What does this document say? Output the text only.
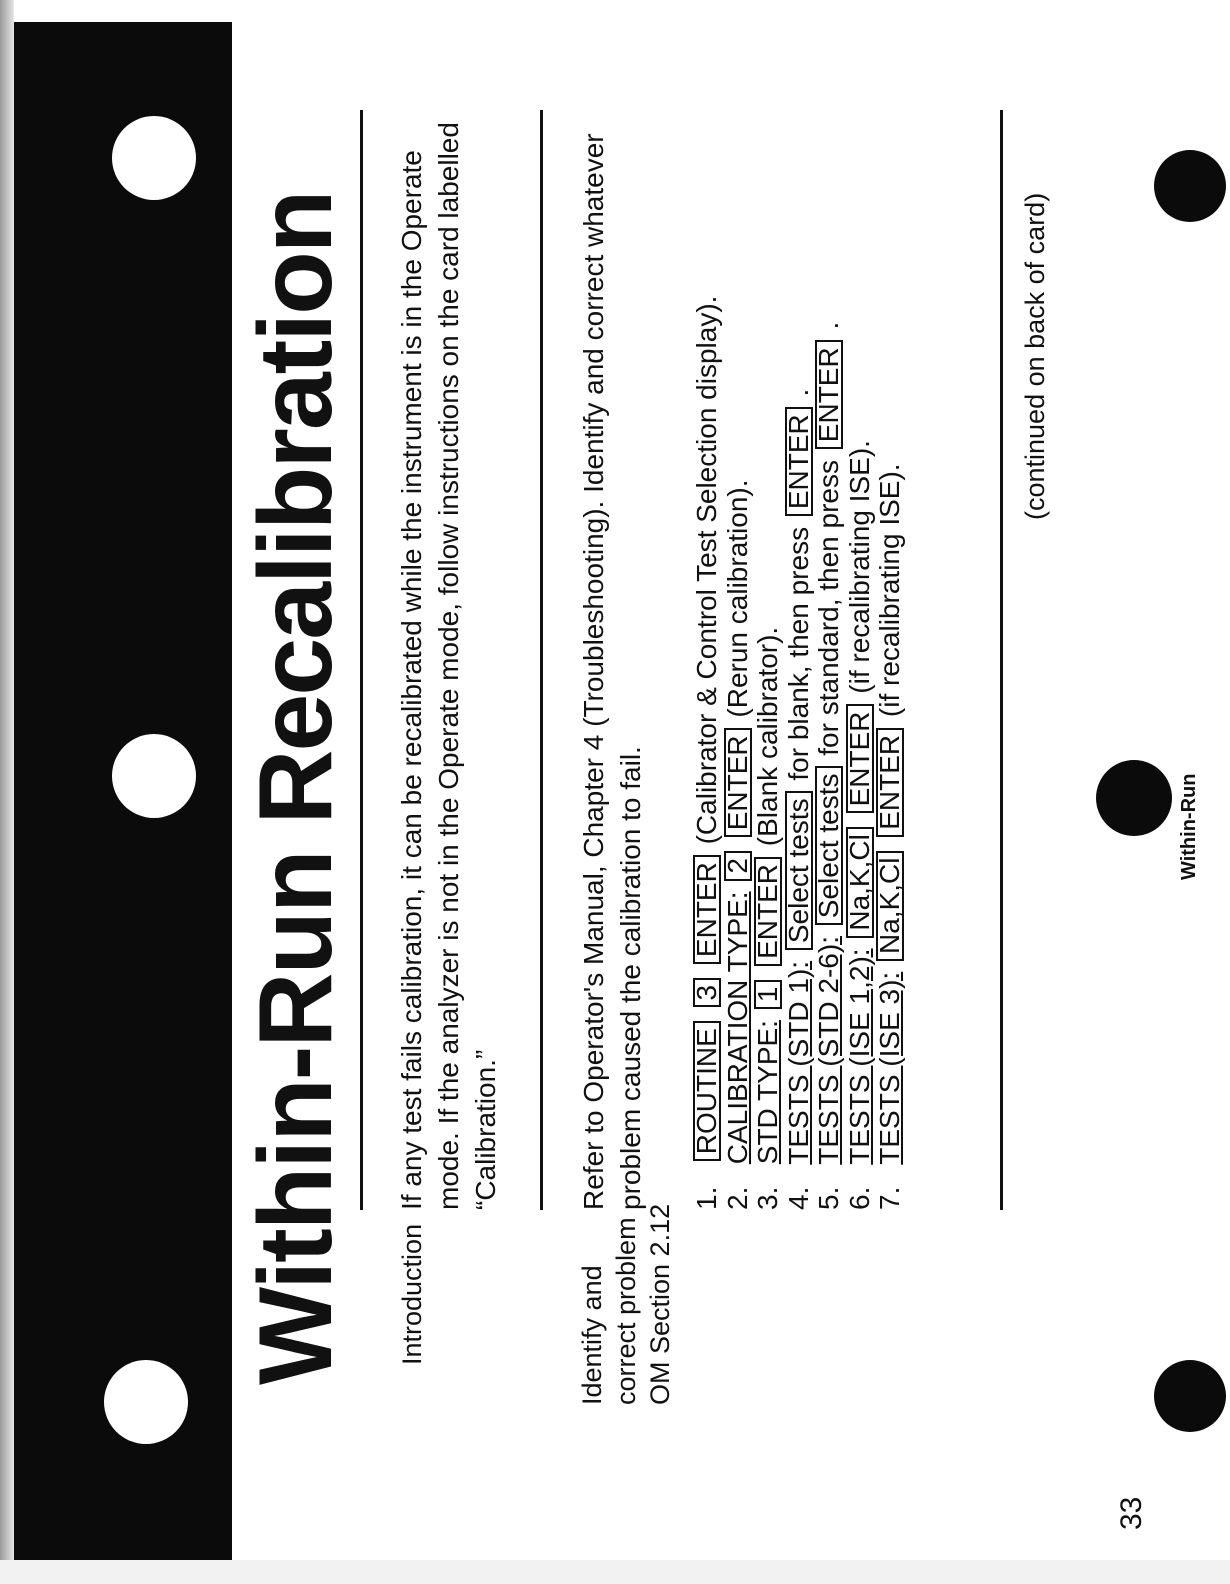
Within-Run Recalibration Introduction
If any test fails calibration, it can be recalibrated while the instrument is in the Operate mode. If the analyzer is not in the Operate mode, follow instructions on the card labelled “Calibration.”
Identify and correct problem OM Section 2.12
Refer to Operator's Manual, Chapter 4 (Troubleshooting). Identify and correct whatever problem caused the calibration to fail. 1. ROUTINE 3 ENTER (Calibrator & Control Test Selection display).
2. CALIBRATION TYPE: 2 ENTER (Rerun calibration).
3. STD TYPE: 1 ENTER (Blank calibrator).
4. TESTS (STD 1): Select tests for blank, then press ENTER .
5. TESTS (STD 2-6): Select tests for standard, then press ENTER .
6. TESTS (ISE 1,2): Na,K,Cl ENTER (if recalibrating ISE).
7. TESTS (ISE 3): Na,K,Cl ENTER (if recalibrating ISE).
(continued on back of card)
33
Within-Run
